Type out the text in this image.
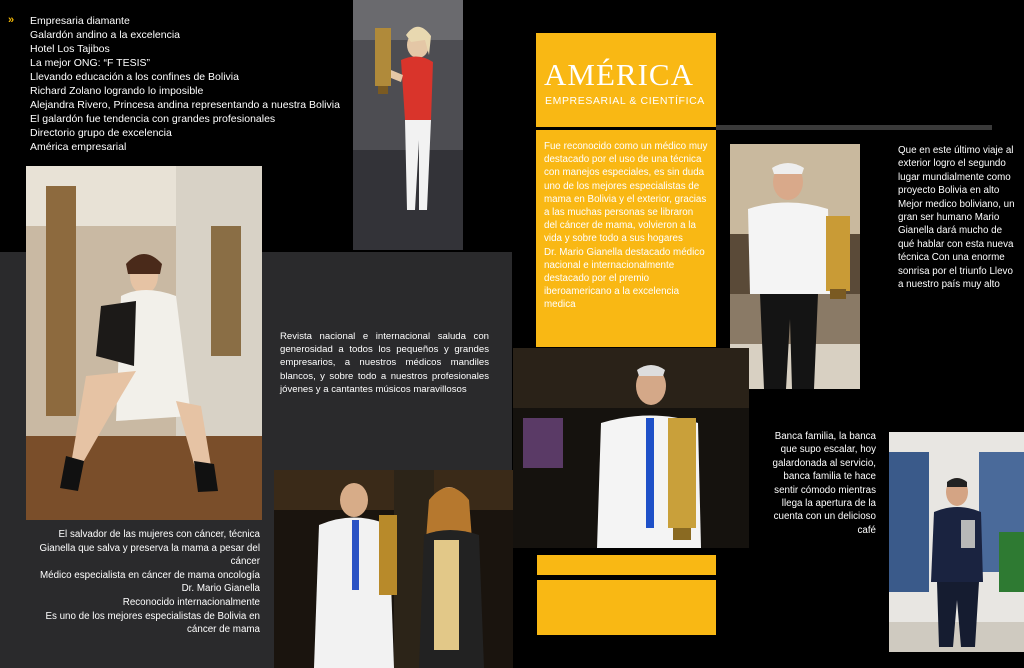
» Empresaria diamante
Galardón andino a la excelencia
Hotel Los Tajibos
La mejor ONG: “F TESIS”
Llevando educación a los confines de Bolivia
Richard Zolano logrando lo imposible
Alejandra Rivero, Princesa andina representando a nuestra Bolivia
El galardón fue tendencia con grandes profesionales
Directorio grupo de excelencia
América empresarial

Revista nacional e internacional saluda con generosidad a todos los pequeños y grandes empresarios, a nuestros médicos mandiles blancos, y sobre todo a nuestros profesionales jóvenes y a cantantes músicos maravillosos

El salvador de las mujeres con cáncer, técnica Gianella que salva y preserva la mama a pesar del cáncer
Médico especialista en cáncer de mama oncología
Dr. Mario Gianella
Reconocido internacionalmente
Es uno de los mejores especialistas de Bolivia en cáncer de mama

AMÉRICA
EMPRESARIAL & CIENTÍFICA

Fue reconocido como un médico muy destacado por el uso de una técnica con manejos especiales, es sin duda uno de los mejores especialistas de mama en Bolivia y el exterior, gracias a las muchas personas se libraron del cáncer de mama, volvieron a la vida y sobre todo a sus hogares
Dr. Mario Gianella destacado médico nacional e internacionalmente destacado por el premio iberoamericano a la excelencia medica

Que en este último viaje al exterior logro el segundo lugar mundialmente como proyecto Bolivia en alto Mejor medico boliviano, un gran ser humano Mario Gianella dará mucho de qué hablar con esta nueva técnica Con una enorme sonrisa por el triunfo Llevo a nuestro país muy alto

Banca familia, la banca que supo escalar, hoy galardonada al servicio, banca familia te hace sentir cómodo mientras llega la apertura de la cuenta con un delicioso café
